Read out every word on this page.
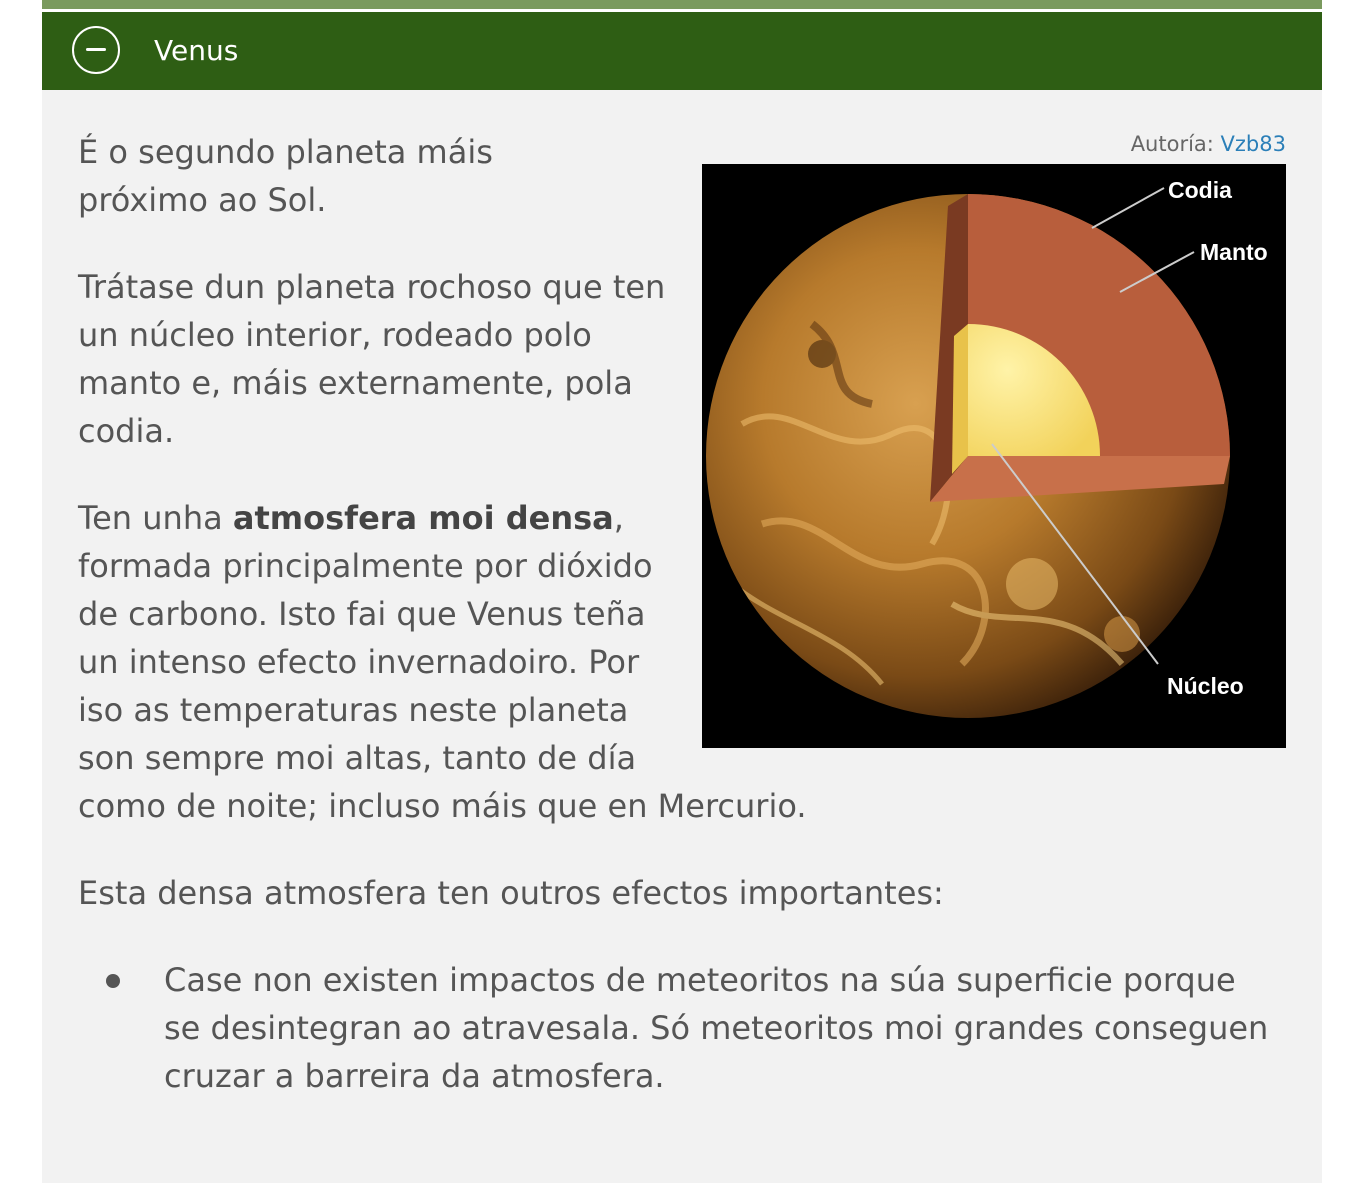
Venus
Autoría: Vzb83
Codia
Manto
Núcleo

É o segundo planeta máis próximo ao Sol.

Trátase dun planeta rochoso que ten un núcleo interior, rodeado polo manto e, máis externamente, pola codia.

Ten unha atmosfera moi densa, formada principalmente por dióxido de carbono. Isto fai que Venus teña un intenso efecto invernadoiro. Por iso as temperaturas neste planeta son sempre moi altas, tanto de día como de noite; incluso máis que en Mercurio.

Esta densa atmosfera ten outros efectos importantes:

Case non existen impactos de meteoritos na súa superficie porque se desintegran ao atravesala. Só meteoritos moi grandes conseguen cruzar a barreira da atmosfera.
